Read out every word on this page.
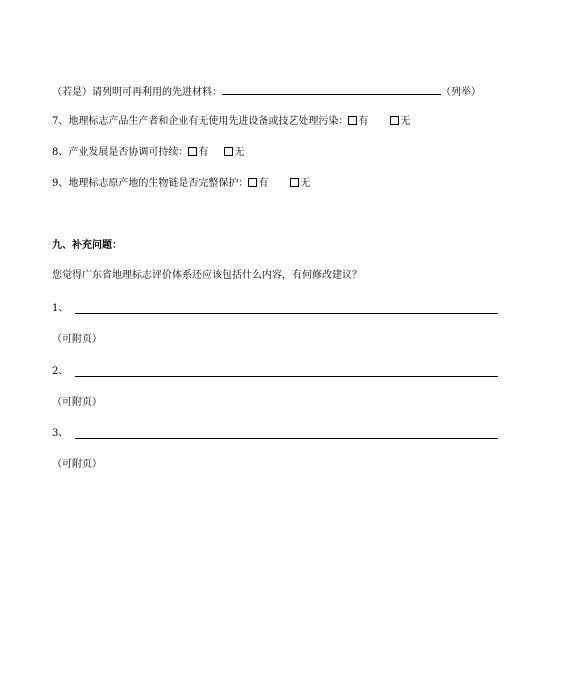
（若是）请列明可再利用的先进材料：	（列举）
7、地理标志产品生产者和企业有无使用先进设备或技艺处理污染： 有	无
8、产业发展是否协调可持续： 有	无
9、地理标志原产地的生物链是否完整保护： 有	无
九、补充问题：
您觉得广东省地理标志评价体系还应该包括什么内容，有何修改建议？
1、
（可附页）
2、
（可附页）
3、
（可附页）
